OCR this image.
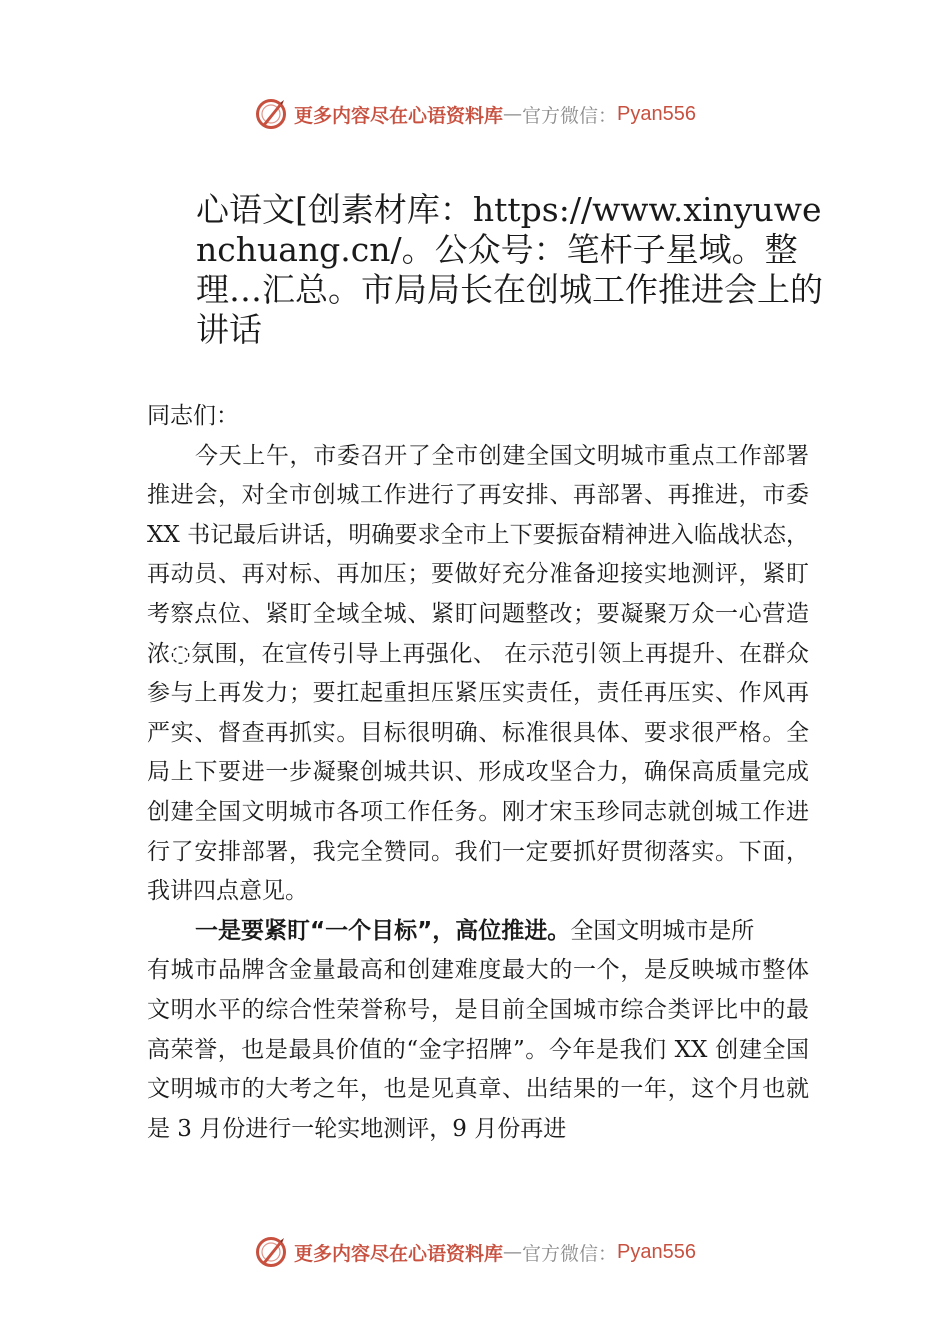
更多内容尽在心语资料库 — 官方微信： Pyan556
心语文[创素材库：https://www.xinyuwenchuang.cn/。公众号：笔杆子星域。整理…汇总。市局局长在创城工作推进会上的讲话

同志们：

今天上午，市委召开了全市创建全国文明城市重点工作部署推进会，对全市创城工作进行了再安排、再部署、再推进，市委 XX 书记最后讲话，明确要求全市上下要振奋精神进入临战状态，再动员、再对标、再加压；要做好充分准备迎接实地测评，紧盯考察点位、紧盯全域全城、紧盯问题整改；要凝聚万众一心营造浓◌氛围，在宣传引导上再强化、 在示范引领上再提升、在群众参与上再发力；要扛起重担压紧压实责任，责任再压实、作风再严实、督查再抓实。目标很明确、标准很具体、要求很严格。全局上下要进一步凝聚创城共识、形成攻坚合力，确保高质量完成创建全国文明城市各项工作任务。刚才宋玉珍同志就创城工作进行了安排部署，我完全赞同。我们一定要抓好贯彻落实。下面，我讲四点意见。

一是要紧盯“一个目标”，高位推进。全国文明城市是所

有城市品牌含金量最高和创建难度最大的一个，是反映城市整体文明水平的综合性荣誉称号，是目前全国城市综合类评比中的最高荣誉，也是最具价值的“金字招牌”。今年是我们 XX 创建全国文明城市的大考之年，也是见真章、出结果的一年，这个月也就是 3 月份进行一轮实地测评，9 月份再进

更多内容尽在心语资料库 — 官方微信： Pyan556
